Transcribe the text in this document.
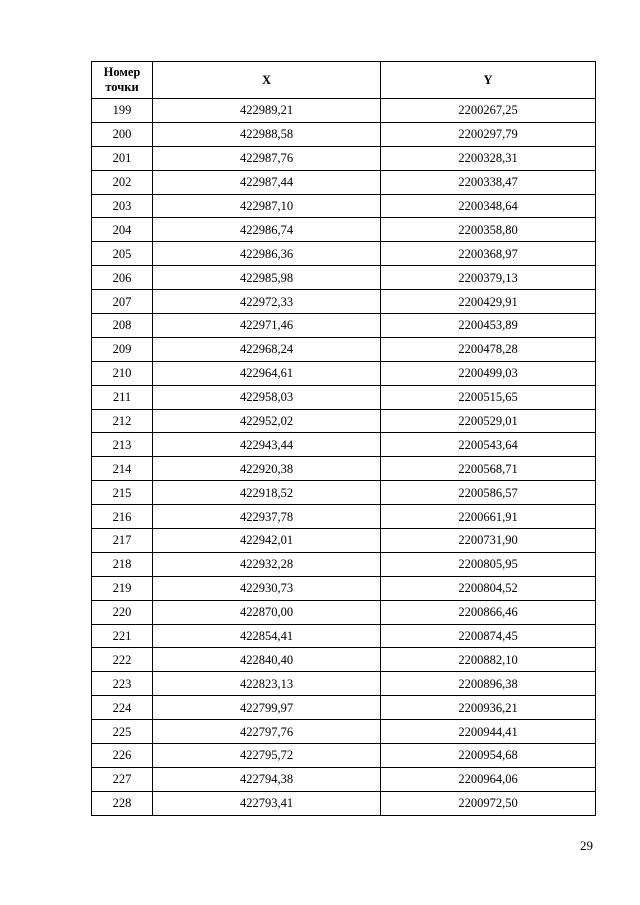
Номер
точки	X	Y
199	422989,21	2200267,25
200	422988,58	2200297,79
201	422987,76	2200328,31
202	422987,44	2200338,47
203	422987,10	2200348,64
204	422986,74	2200358,80
205	422986,36	2200368,97
206	422985,98	2200379,13
207	422972,33	2200429,91
208	422971,46	2200453,89
209	422968,24	2200478,28
210	422964,61	2200499,03
211	422958,03	2200515,65
212	422952,02	2200529,01
213	422943,44	2200543,64
214	422920,38	2200568,71
215	422918,52	2200586,57
216	422937,78	2200661,91
217	422942,01	2200731,90
218	422932,28	2200805,95
219	422930,73	2200804,52
220	422870,00	2200866,46
221	422854,41	2200874,45
222	422840,40	2200882,10
223	422823,13	2200896,38
224	422799,97	2200936,21
225	422797,76	2200944,41
226	422795,72	2200954,68
227	422794,38	2200964,06
228	422793,41	2200972,50
29
